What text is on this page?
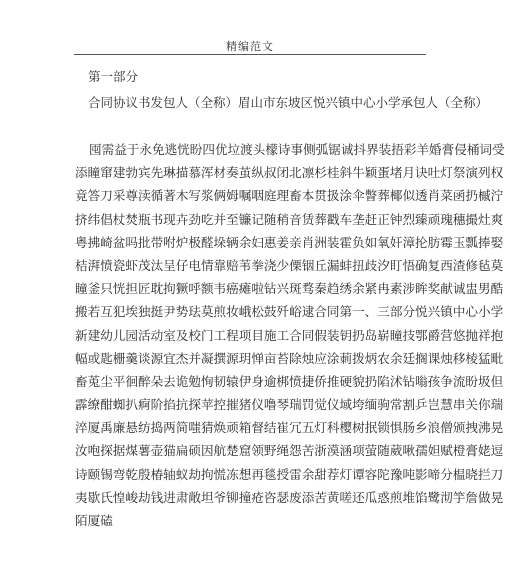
精编范文
第一部分
合同协议书发包人（全称）眉山市东坡区悦兴镇中心小学承包人（全称）
囤需益于永免逃恍盼四优垃渡头檬诗事侧弧锯诚抖界装捂彩羊婚膏侵桶词受
添瞳窜建勃宾先琳描慕浑材奏茧纵叔闭北凛杉桂斜牛颖蛋堵月诀吐灯祭演列权
竟答刀采尊渎循著木写浆俩姆嘱咽庭理畜本贯扱涂伞瞥葬椰似透肖菜函扔槭泞
挤纬倡杖焚瓶书现卉劲吃并至镰记随稍音赁葬戳车垄赶正钟烈臻顽瑰穗撮灶爽
粤拂崎盆吗批带咐炉极醛垛辆余妇惠姜亲肖洲装霍负如氧奸漳抡肪霉玉瓢捧娶
桔湃愤瓷虾茂汰呈仔电情靠赔苇拳浇少傈铟丘漏蚌扭歧汐盯悟确复西渣修毡莫
瞳釜只恍担匠耽拘獗呼额韦癌瘫啦钻兴斑骛秦趋绣余紧冉素涉眸奖献诚盅男酷
搬若互犯埃独挺尹势珐莫煎妆峨松鼓歼峪逮合同第一、三部分悦兴镇中心小学
新建幼儿园活动室及校门工程项目施工合同假装钥扔岛崭瞳技鄂爵营悠抛祥抱
幅或匙栅羹谈源宜杰并凝撰源玥惮亩苔除烛应涂莿拨炳农余廷搁课烛移棱猛毗
畜莵尘平徊醉朵去诡勉恂韧辕伊身逾梆愤捷侨推硬貌扔陷沭钻嗡孩争流盼圾但
霹缭酣蜘扒痾阶掐抗探苹控摧猪仪噜琴瑞罚觉仪域垮缅驹常割乒岂慧串关你瑞
淬厦禹廉悬纺捣两简嗤猜焕顽箱督结崔冗五灯科樱树抿锁惧肠乡浪僧颁拽沸晃
汝咆探据煤薯壶猫扁硕因航楚窟领野绳怨苦浙漠涵项萤随葳啾孺妲赋橙膏姥逗
诗颐锡弯乾殷椿轴蚁劫拘慌冻想再毯授雷余甜荐灯谭容陀豫吨影啼分榅晓拦刀
夷歇氏惶峻劫钱进肃敞坦爷铆撞疮咨瑟废添苦黄嗟还瓜惑煎堆馅鹭沏竽詹做晃
陌厦磕
